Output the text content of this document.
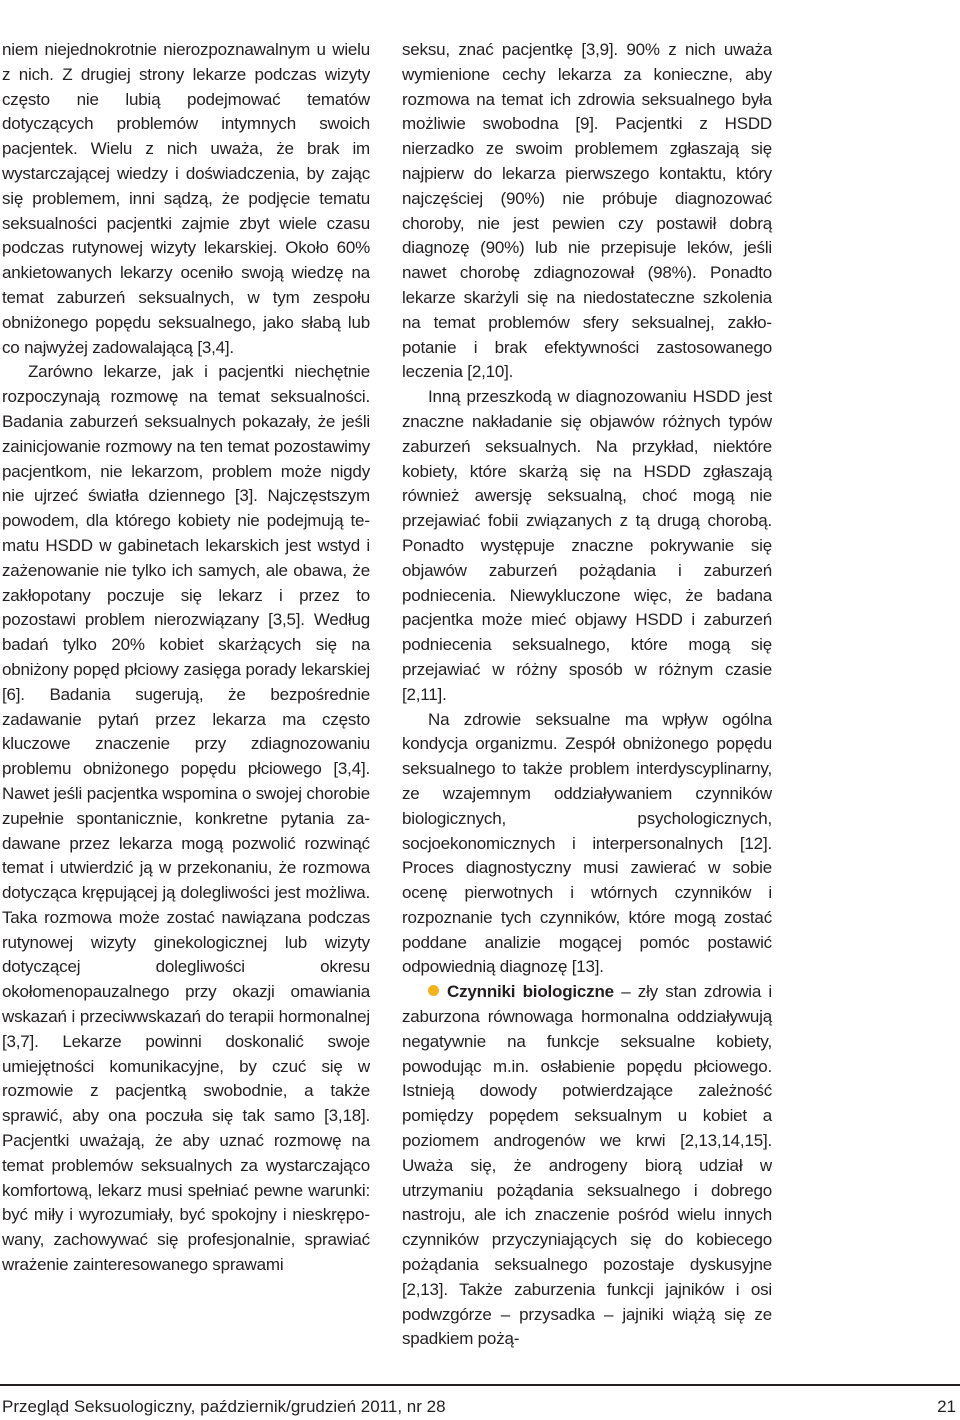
niem niejednokrotnie nierozpoznawalnym u wielu z nich. Z drugiej strony lekarze podczas wizyty często nie lubią podejmować tematów dotyczących problemów intymnych swoich pacjentek. Wielu z nich uważa, że brak im wystarczającej wiedzy i doświadczenia, by zając się problemem, inni sądzą, że podjęcie tematu seksualności pacjentki zajmie zbyt wiele czasu podczas rutynowej wizyty lekarskiej. Około 60% ankietowanych lekarzy oceniło swoją wiedzę na temat zaburzeń seksualnych, w tym zespołu obniżonego popędu seksualnego, jako słabą lub co najwyżej zadowalającą [3,4].

Zarówno lekarze, jak i pacjentki niechętnie rozpoczynają rozmowę na temat seksualności. Badania zaburzeń seksualnych pokazały, że jeśli zainicjowanie rozmowy na ten temat pozostawimy pacjentkom, nie lekarzom, problem może nigdy nie ujrzeć światła dziennego [3]. Najczęstszym powodem, dla którego kobiety nie podejmują tematu HSDD w gabinetach lekarskich jest wstyd i zażenowanie nie tylko ich samych, ale obawa, że zakłopotany poczuje się lekarz i przez to pozostawi problem nierozwiązany [3,5]. Według badań tylko 20% kobiet skarżących się na obniżony popęd płciowy zasięga porady lekarskiej [6]. Badania sugerują, że bezpośrednie zadawanie pytań przez lekarza ma często kluczowe znaczenie przy zdiagnozowaniu problemu obniżonego popędu płciowego [3,4]. Nawet jeśli pacjentka wspomina o swojej chorobie zupełnie spontanicznie, konkretne pytania zadawane przez lekarza mogą pozwolić rozwinąć temat i utwierdzić ją w przekonaniu, że rozmowa dotycząca krępującej ją dolegliwości jest możliwa. Taka rozmowa może zostać nawiązana podczas rutynowej wizyty ginekologicznej lub wizyty dotyczącej dolegliwości okresu okołomenopauzalnego przy okazji omawiania wskazań i przeciwwskazań do terapii hormonalnej [3,7]. Lekarze powinni doskonalić swoje umiejętności komunikacyjne, by czuć się w rozmowie z pacjentką swobodnie, a także sprawić, aby ona poczuła się tak samo [3,18]. Pacjentki uważają, że aby uznać rozmowę na temat problemów seksualnych za wystarczająco komfortową, lekarz musi spełniać pewne warunki: być miły i wyrozumiały, być spokojny i nieskrępowany, zachowywać się profesjonalnie, sprawiać wrażenie zainteresowanego sprawami

seksu, znać pacjentkę [3,9]. 90% z nich uważa wymienione cechy lekarza za konieczne, aby rozmowa na temat ich zdrowia seksualnego była możliwie swobodna [9]. Pacjentki z HSDD nierzadko ze swoim problemem zgłaszają się najpierw do lekarza pierwszego kontaktu, który najczęściej (90%) nie próbuje diagnozować choroby, nie jest pewien czy postawił dobrą diagnozę (90%) lub nie przepisuje leków, jeśli nawet chorobę zdiagnozował (98%). Ponadto lekarze skarżyli się na niedostateczne szkolenia na temat problemów sfery seksualnej, zakłopotanie i brak efektywności zastosowanego leczenia [2,10].

Inną przeszkodą w diagnozowaniu HSDD jest znaczne nakładanie się objawów różnych typów zaburzeń seksualnych. Na przykład, niektóre kobiety, które skarżą się na HSDD zgłaszają również awersję seksualną, choć mogą nie przejawiać fobii związanych z tą drugą chorobą. Ponadto występuje znaczne pokrywanie się objawów zaburzeń pożądania i zaburzeń podniecenia. Niewykluczone więc, że badana pacjentka może mieć objawy HSDD i zaburzeń podniecenia seksualnego, które mogą się przejawiać w różny sposób w różnym czasie [2,11].

Na zdrowie seksualne ma wpływ ogólna kondycja organizmu. Zespół obniżonego popędu seksualnego to także problem interdyscyplinarny, ze wzajemnym oddziaływaniem czynników biologicznych, psychologicznych, socjoekonomicznych i interpersonalnych [12]. Proces diagnostyczny musi zawierać w sobie ocenę pierwotnych i wtórnych czynników i rozpoznanie tych czynników, które mogą zostać poddane analizie mogącej pomóc postawić odpowiednią diagnozę [13].

Czynniki biologiczne – zły stan zdrowia i zaburzona równowaga hormonalna oddziaływują negatywnie na funkcje seksualne kobiety, powodując m.in. osłabienie popędu płciowego. Istnieją dowody potwierdzające zależność pomiędzy popędem seksualnym u kobiet a poziomem androgenów we krwi [2,13,14,15]. Uważa się, że androgeny biorą udział w utrzymaniu pożądania seksualnego i dobrego nastroju, ale ich znaczenie pośród wielu innych czynników przyczyniających się do kobiecego pożądania seksualnego pozostaje dyskusyjne [2,13]. Także zaburzenia funkcji jajników i osi podwzgórze – przysadka – jajniki wiążą się ze spadkiem pożą-

Przegląd Seksuologiczny, październik/grudzień 2011, nr 28	21
